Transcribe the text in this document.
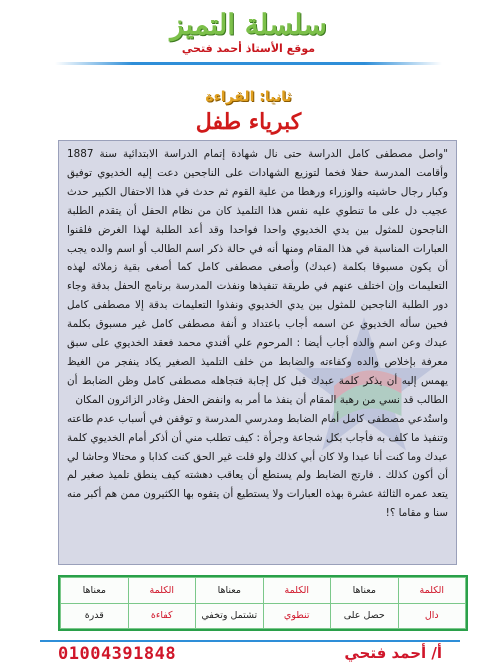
سلسلة التميز
موقع الأستاذ أحمد فتحي
ثانيا: القراءة
كبرياء طفل

"واصل مصطفى كامل الدراسة حتى نال شهادة إتمام الدراسة الابتدائية سنة 1887 وأقامت المدرسة حفلا فخما لتوزيع الشهادات على الناجحين دعت إليه الخديوي توفيق وكبار رجال حاشيته والوزراء ورهطا من علية القوم ثم حدث في هذا الاحتفال الكبير حدث عجيب دل على ما تنطوي عليه نفس هذا التلميذ كان من نظام الحفل أن يتقدم الطلبة الناجحون للمثول بين يدي الخديوي واحدا فواحدا وقد أعد الطلبة لهذا الغرض فلقنوا العبارات المناسبة في هذا المقام ومنها أنه في حالة ذكر اسم الطالب أو اسم والده يجب أن يكون مسبوقا بكلمة (عبدك) وأصغى مصطفى كامل كما أصغى بقية زملائه لهذه التعليمات وإن اختلف عنهم في طريقة تنفيذها ونفذت المدرسة برنامج الحفل بدقة وجاء دور الطلبة الناجحين للمثول بين يدي الخديوي ونفذوا التعليمات بدقة إلا مصطفى كامل فحين سأله الخديوي عن اسمه أجاب باعتداد و أنفة مصطفى كامل غير مسبوق بكلمة عبدك وعن اسم والده أجاب أيضا : المرحوم علي أفندي محمد فعقد الخديوي على سبق معرفة بإخلاص والده وكفاءته والضابط من خلف التلميذ الصغير يكاد ينفجر من الغيظ يهمس إليه أن يذكر كلمة عبدك قبل كل إجابة فتجاهله مصطفى كامل وظن الضابط أن الطالب قد نسي من رهبة المقام أن ينفذ ما أمر به وانفض الحفل وغادر الزائرون المكان

واستُدعي مصطفى كامل أمام الضابط ومدرسي المدرسة و توقفن في أسباب عدم طاعته وتنفيذ ما كلف به فأجاب بكل شجاعة وجرأة : كيف تطلب مني أن أذكر أمام الخديوي كلمة عبدك وما كنت أنا عبدا ولا كان أبي كذلك ولو قلت غير الحق كنت كذابا و محتالا وحاشا لي أن أكون كذلك . فارتج الضابط ولم يستطع أن يعاقب دهشته كيف ينطق تلميذ صغير لم يتعد عمره الثالثة عشرة بهذه العبارات ولا يستطيع أن يتفوه بها الكثيرون ممن هم أكبر منه سنا و مقاما ؟!

الكلمة	معناها	الكلمة	معناها	الكلمة	معناها
دال	حصل على	تنطوي	تشتمل وتخفي	كفاءة	قدرة
01004391848	أ/ أحمد فتحي
